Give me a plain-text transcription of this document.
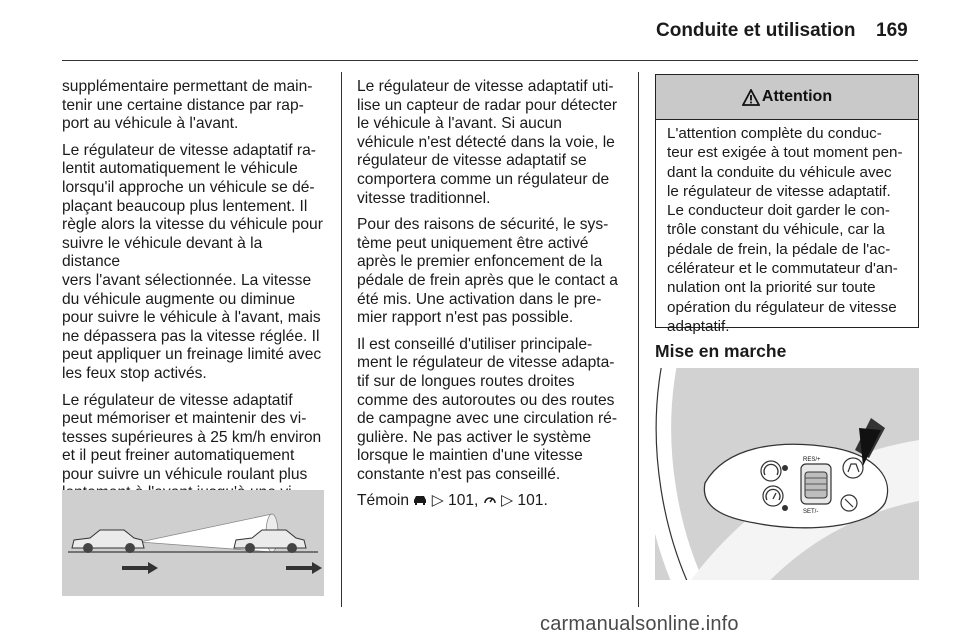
Conduite et utilisation 169

supplémentaire permettant de main-
tenir une certaine distance par rap-
port au véhicule à l'avant.

Le régulateur de vitesse adaptatif ra-
lentit automatiquement le véhicule
lorsqu'il approche un véhicule se dé-
plaçant beaucoup plus lentement. Il
règle alors la vitesse du véhicule pour
suivre le véhicule devant à la distance
vers l'avant sélectionnée. La vitesse
du véhicule augmente ou diminue
pour suivre le véhicule à l'avant, mais
ne dépassera pas la vitesse réglée. Il
peut appliquer un freinage limité avec
les feux stop activés.

Le régulateur de vitesse adaptatif
peut mémoriser et maintenir des vi-
tesses supérieures à 25 km/h environ
et il peut freiner automatiquement
pour suivre un véhicule roulant plus

Le régulateur de vitesse adaptatif uti-
lise un capteur de radar pour détecter
le véhicule à l'avant. Si aucun
véhicule n'est détecté dans la voie, le
régulateur de vitesse adaptatif se
comportera comme un régulateur de
vitesse traditionnel.

Pour des raisons de sécurité, le sys-
tème peut uniquement être activé
après le premier enfoncement de la
pédale de frein après que le contact a
été mis. Une activation dans le pre-
mier rapport n'est pas possible.

Il est conseillé d'utiliser principale-
ment le régulateur de vitesse adapta-
tif sur de longues routes droites
comme des autoroutes ou des routes
de campagne avec une circulation ré-
gulière. Ne pas activer le système
lorsque le maintien d'une vitesse
constante n'est pas conseillé.

Témoin ▷ 101, ▷ 101.

Attention
L'attention complète du conduc-
teur est exigée à tout moment pen-
dant la conduite du véhicule avec
le régulateur de vitesse adaptatif.
Le conducteur doit garder le con-
trôle constant du véhicule, car la
pédale de frein, la pédale de l'ac-
célérateur et le commutateur d'an-
nulation ont la priorité sur toute
opération du régulateur de vitesse
adaptatif.
Mise en marche
RES/+
SET/-
carmanualsonline.info
